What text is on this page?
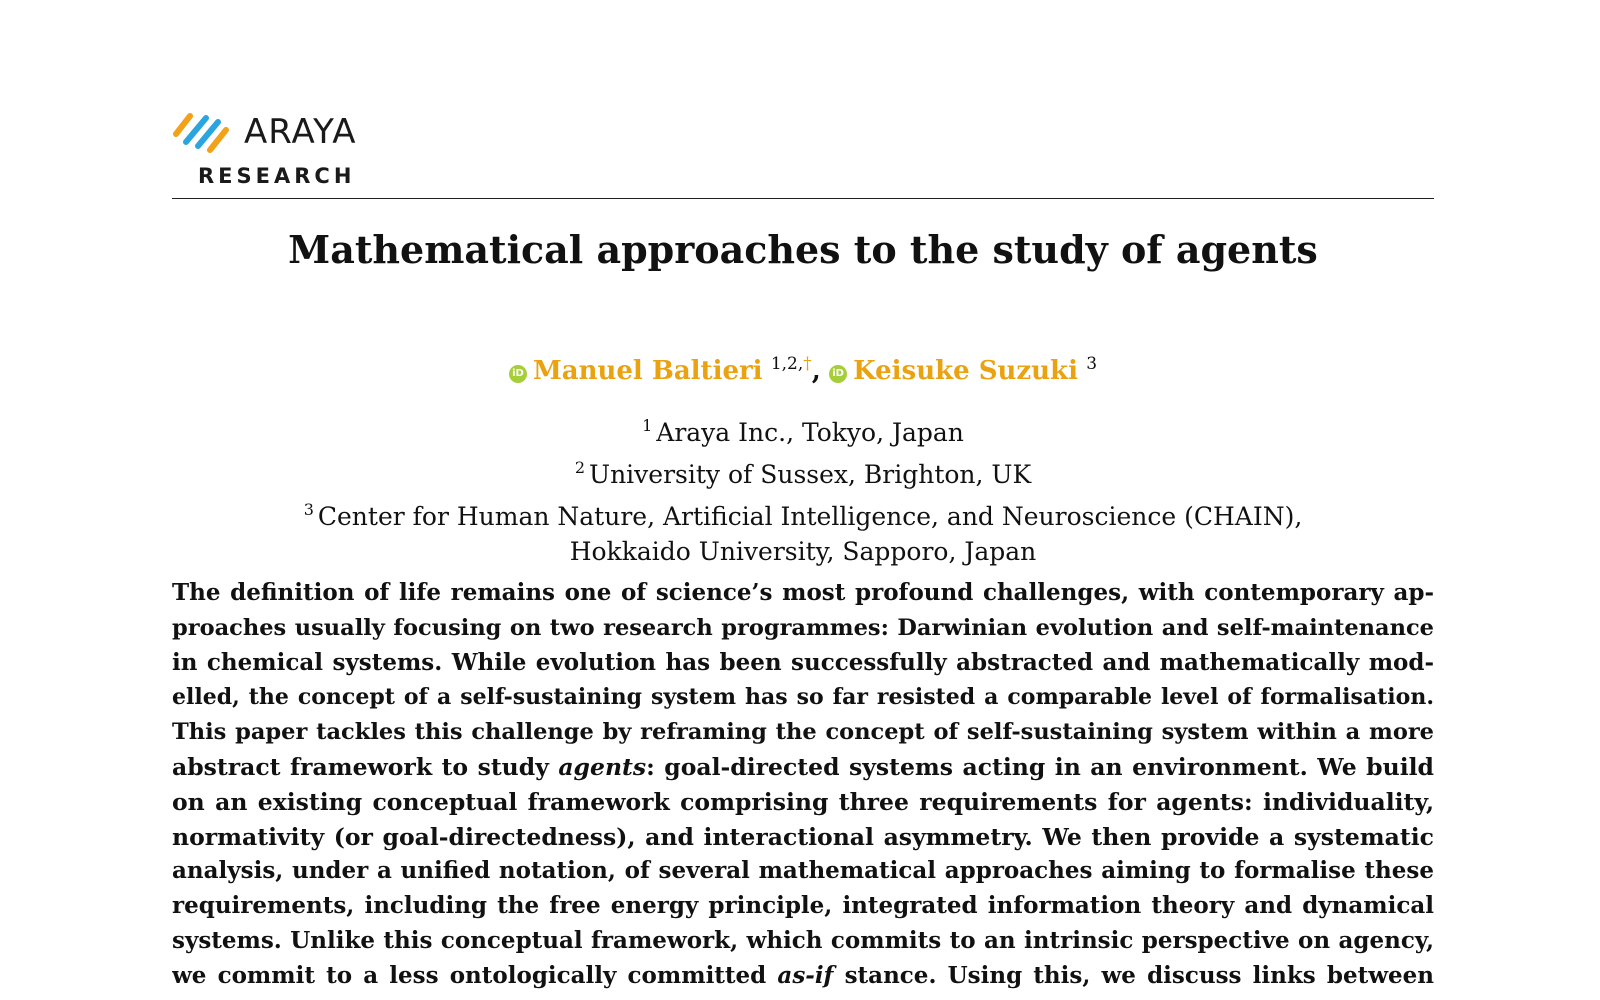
ARAYA
RESEARCH
Mathematical approaches to the study of agents
iD Manuel Baltieri $^{1,2,\dagger}$, iD Keisuke Suzuki $^3$
$^1$ Araya Inc., Tokyo, Japan
$^2$ University of Sussex, Brighton, UK
$^3$ Center for Human Nature, Artificial Intelligence, and Neuroscience (CHAIN),
Hokkaido University, Sapporo, Japan
The definition of life remains one of science’s most profound challenges, with contemporary ap-
proaches usually focusing on two research programmes: Darwinian evolution and self-maintenance
in chemical systems. While evolution has been successfully abstracted and mathematically mod-
elled, the concept of a self-sustaining system has so far resisted a comparable level of formalisation.
This paper tackles this challenge by reframing the concept of self-sustaining system within a more
abstract framework to study agents: goal-directed systems acting in an environment. We build
on an existing conceptual framework comprising three requirements for agents: individuality,
normativity (or goal-directedness), and interactional asymmetry. We then provide a systematic
analysis, under a unified notation, of several mathematical approaches aiming to formalise these
requirements, including the free energy principle, integrated information theory and dynamical
systems. Unlike this conceptual framework, which commits to an intrinsic perspective on agency,
we commit to a less ontologically committed as-if stance. Using this, we discuss links between
